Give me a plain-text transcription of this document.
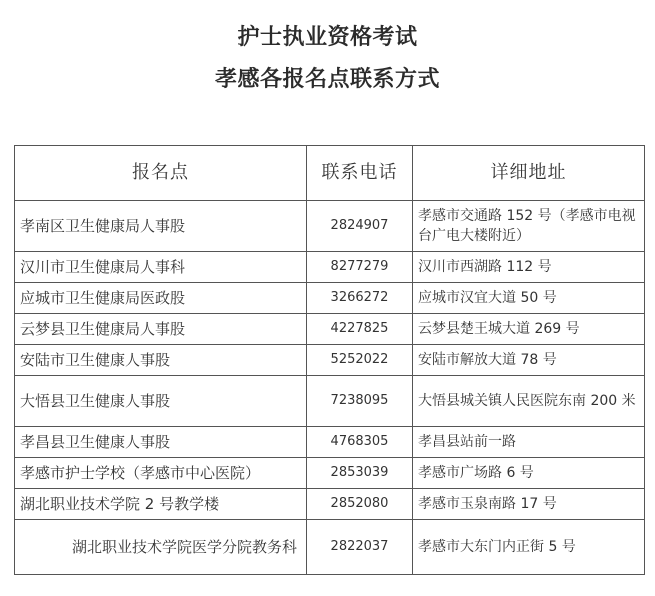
护士执业资格考试
孝感各报名点联系方式
报名点	联系电话	详细地址
孝南区卫生健康局人事股	2824907	孝感市交通路 152 号（孝感市电视台广电大楼附近）
汉川市卫生健康局人事科	8277279	汉川市西湖路 112 号
应城市卫生健康局医政股	3266272	应城市汉宜大道 50 号
云梦县卫生健康局人事股	4227825	云梦县楚王城大道 269 号
安陆市卫生健康人事股	5252022	安陆市解放大道 78 号
大悟县卫生健康人事股	7238095	大悟县城关镇人民医院东南 200 米
孝昌县卫生健康人事股	4768305	孝昌县站前一路
孝感市护士学校（孝感市中心医院）	2853039	孝感市广场路 6 号
湖北职业技术学院 2 号教学楼	2852080	孝感市玉泉南路 17 号
湖北职业技术学院医学分院教务科	2822037	孝感市大东门内正街 5 号
